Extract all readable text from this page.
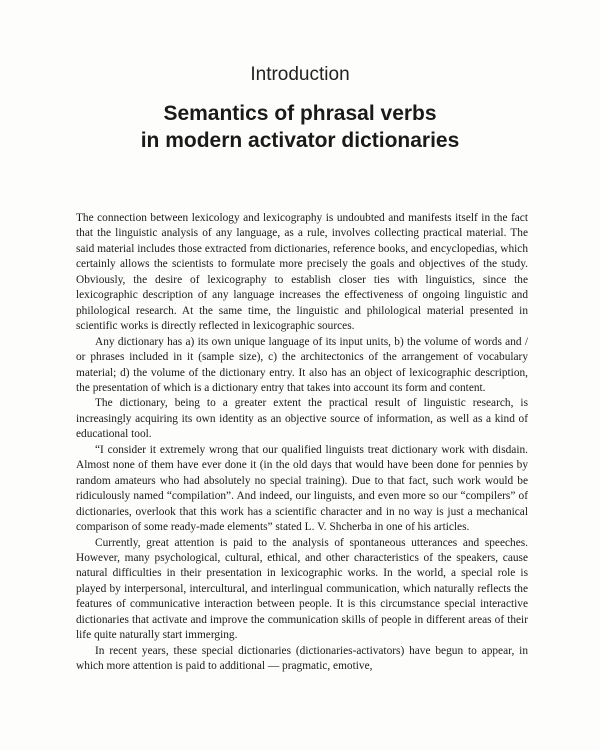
Introduction
Semantics of phrasal verbs
in modern activator dictionaries

The connection between lexicology and lexicography is undoubted and manifests itself in the fact that the linguistic analysis of any language, as a rule, involves collecting practical material. The said material includes those extracted from dictionaries, reference books, and encyclopedias, which certainly allows the scientists to formulate more precisely the goals and objectives of the study. Obviously, the desire of lexicography to establish closer ties with linguistics, since the lexicographic description of any language increases the effectiveness of ongoing linguistic and philological research. At the same time, the linguistic and philological material presented in scientific works is directly reflected in lexicographic sources.

Any dictionary has a) its own unique language of its input units, b) the volume of words and / or phrases included in it (sample size), c) the architectonics of the arrangement of vocabulary material; d) the volume of the dictionary entry. It also has an object of lexicographic description, the presentation of which is a dictionary entry that takes into account its form and content.

The dictionary, being to a greater extent the practical result of linguistic research, is increasingly acquiring its own identity as an objective source of information, as well as a kind of educational tool.

“I consider it extremely wrong that our qualified linguists treat dictionary work with disdain. Almost none of them have ever done it (in the old days that would have been done for pennies by random amateurs who had absolutely no special training). Due to that fact, such work would be ridiculously named “compilation”. And indeed, our linguists, and even more so our “compilers” of dictionaries, overlook that this work has a scientific character and in no way is just a mechanical comparison of some ready-made elements” stated L. V. Shcherba in one of his articles.

Currently, great attention is paid to the analysis of spontaneous utterances and speeches. However, many psychological, cultural, ethical, and other characteristics of the speakers, cause natural difficulties in their presentation in lexicographic works. In the world, a special role is played by interpersonal, intercultural, and interlingual communication, which naturally reflects the features of communicative interaction between people. It is this circumstance special interactive dictionaries that activate and improve the communication skills of people in different areas of their life quite naturally start immerging.

In recent years, these special dictionaries (dictionaries-activators) have begun to appear, in which more attention is paid to additional — pragmatic, emotive,
